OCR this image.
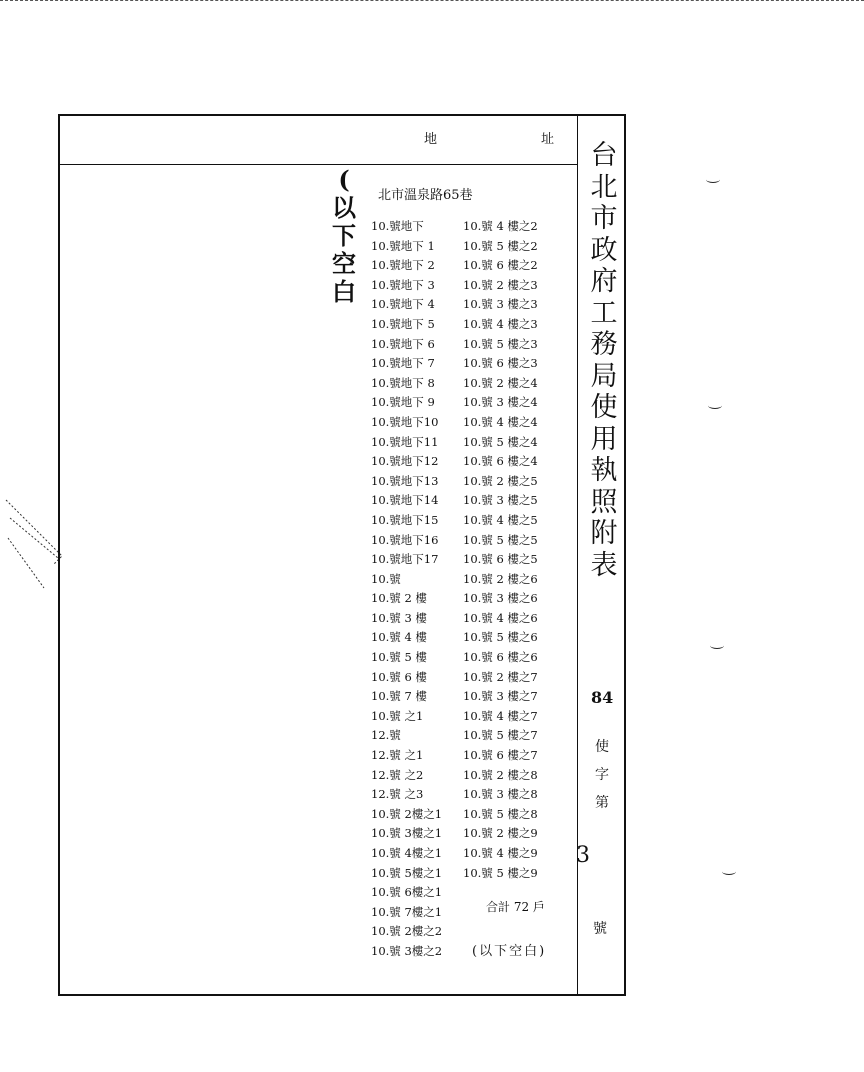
地	址
台
北
市
政
府
工
務
局
使
用
執
照
附
表
(
以
下
空
白
北市溫泉路65巷
10.號地下
10.號地下 1
10.號地下 2
10.號地下 3
10.號地下 4
10.號地下 5
10.號地下 6
10.號地下 7
10.號地下 8
10.號地下 9
10.號地下10
10.號地下11
10.號地下12
10.號地下13
10.號地下14
10.號地下15
10.號地下16
10.號地下17
10.號
10.號 2 樓
10.號 3 樓
10.號 4 樓
10.號 5 樓
10.號 6 樓
10.號 7 樓
10.號 之1
12.號
12.號 之1
12.號 之2
12.號 之3
10.號 2樓之1
10.號 3樓之1
10.號 4樓之1
10.號 5樓之1
10.號 6樓之1
10.號 7樓之1
10.號 2樓之2
10.號 3樓之2
10.號 4 樓之2
10.號 5 樓之2
10.號 6 樓之2
10.號 2 樓之3
10.號 3 樓之3
10.號 4 樓之3
10.號 5 樓之3
10.號 6 樓之3
10.號 2 樓之4
10.號 3 樓之4
10.號 4 樓之4
10.號 5 樓之4
10.號 6 樓之4
10.號 2 樓之5
10.號 3 樓之5
10.號 4 樓之5
10.號 5 樓之5
10.號 6 樓之5
10.號 2 樓之6
10.號 3 樓之6
10.號 4 樓之6
10.號 5 樓之6
10.號 6 樓之6
10.號 2 樓之7
10.號 3 樓之7
10.號 4 樓之7
10.號 5 樓之7
10.號 6 樓之7
10.號 2 樓之8
10.號 3 樓之8
10.號 5 樓之8
10.號 2 樓之9
10.號 4 樓之9
10.號 5 樓之9
合計 72 戶
(以下空白)
84
使
字
第
3
號
